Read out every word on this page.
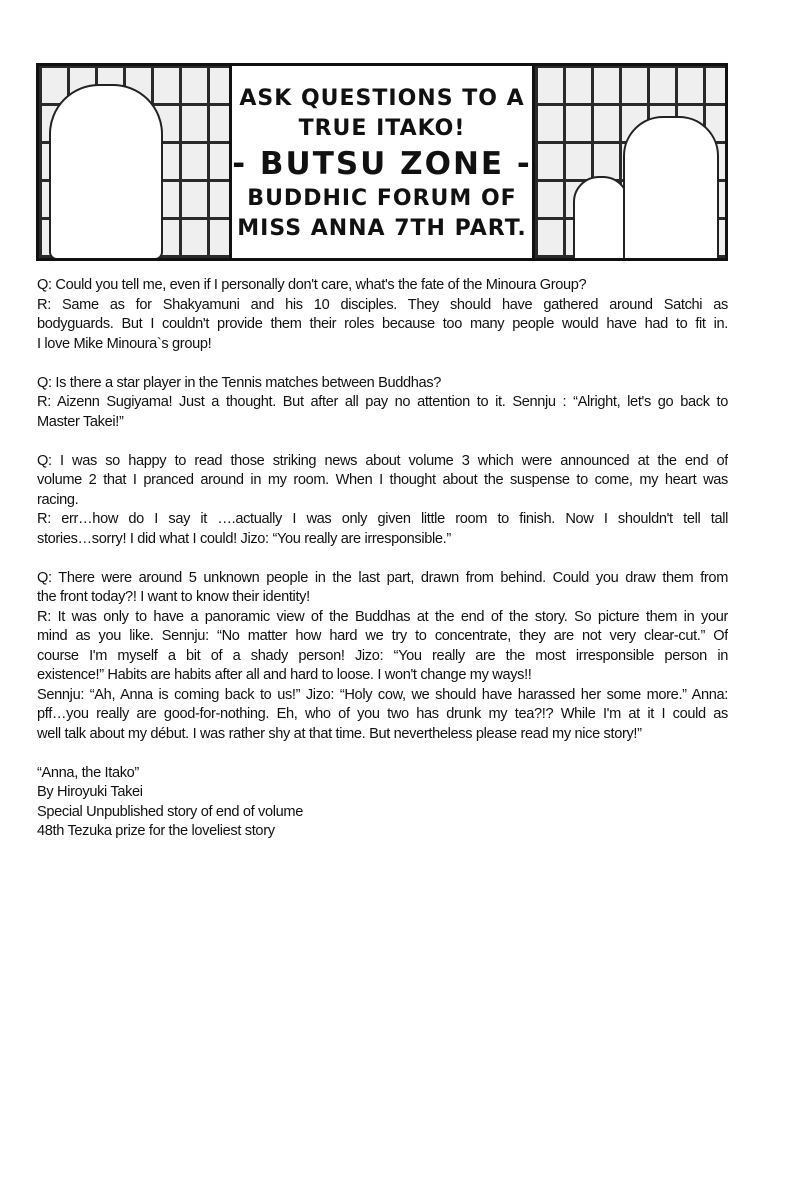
ASK QUESTIONS TO A
TRUE ITAKO!
- BUTSU ZONE -
BUDDHIC FORUM OF
MISS ANNA 7TH PART.
Q: Could you tell me, even if I personally don't care, what's the fate of the Minoura Group?
R: Same as for Shakyamuni and his 10 disciples. They should have gathered around Satchi as
bodyguards. But I couldn't provide them their roles because too many people would have had to fit in.
I love Mike Minoura`s group!
Q: Is there a star player in the Tennis matches between Buddhas?
R: Aizenn Sugiyama! Just a thought. But after all pay no attention to it. Sennju : “Alright, let's go back to
Master Takei!”
Q: I was so happy to read those striking news about volume 3 which were announced at the end of
volume 2 that I pranced around in my room. When I thought about the suspense to come, my heart was
racing.
R: err…how do I say it ….actually I was only given little room to finish. Now I shouldn't tell tall
stories…sorry! I did what I could! Jizo: “You really are irresponsible.”
Q: There were around 5 unknown people in the last part, drawn from behind. Could you draw them from
the front today?! I want to know their identity!
R: It was only to have a panoramic view of the Buddhas at the end of the story. So picture them in your
mind as you like. Sennju: “No matter how hard we try to concentrate, they are not very clear-cut.” Of
course I'm myself a bit of a shady person! Jizo: “You really are the most irresponsible person in
existence!” Habits are habits after all and hard to loose. I won't change my ways!!
Sennju: “Ah, Anna is coming back to us!” Jizo: “Holy cow, we should have harassed her some more.” Anna:
pff…you really are good-for-nothing. Eh, who of you two has drunk my tea?!? While I'm at it I could as
well talk about my début. I was rather shy at that time. But nevertheless please read my nice story!”
“Anna, the Itako”
By Hiroyuki Takei
Special Unpublished story of end of volume
48th Tezuka prize for the loveliest story
